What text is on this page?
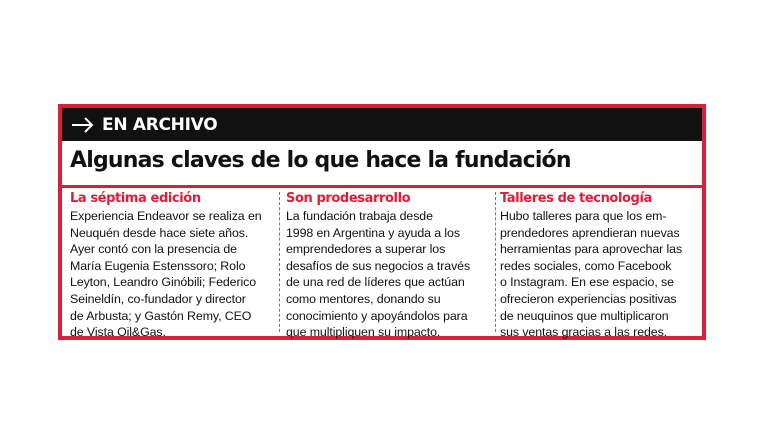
EN ARCHIVO
Algunas claves de lo que hace la fundación
La séptima edición
Experiencia Endeavor se realiza en
Neuquén desde hace siete años.
Ayer contó con la presencia de
María Eugenia Estenssoro; Rolo
Leyton, Leandro Ginóbili; Federico
Seineldín, co-fundador y director
de Arbusta; y Gastón Remy, CEO
de Vista Oil&Gas.
Son prodesarrollo
La fundación trabaja desde
1998 en Argentina y ayuda a los
emprendedores a superar los
desafíos de sus negocios a través
de una red de líderes que actúan
como mentores, donando su
conocimiento y apoyándolos para
que multipliquen su impacto.
Talleres de tecnología
Hubo talleres para que los em-
prendedores aprendieran nuevas
herramientas para aprovechar las
redes sociales, como Facebook
o Instagram. En ese espacio, se
ofrecieron experiencias positivas
de neuquinos que multiplicaron
sus ventas gracias a las redes.
